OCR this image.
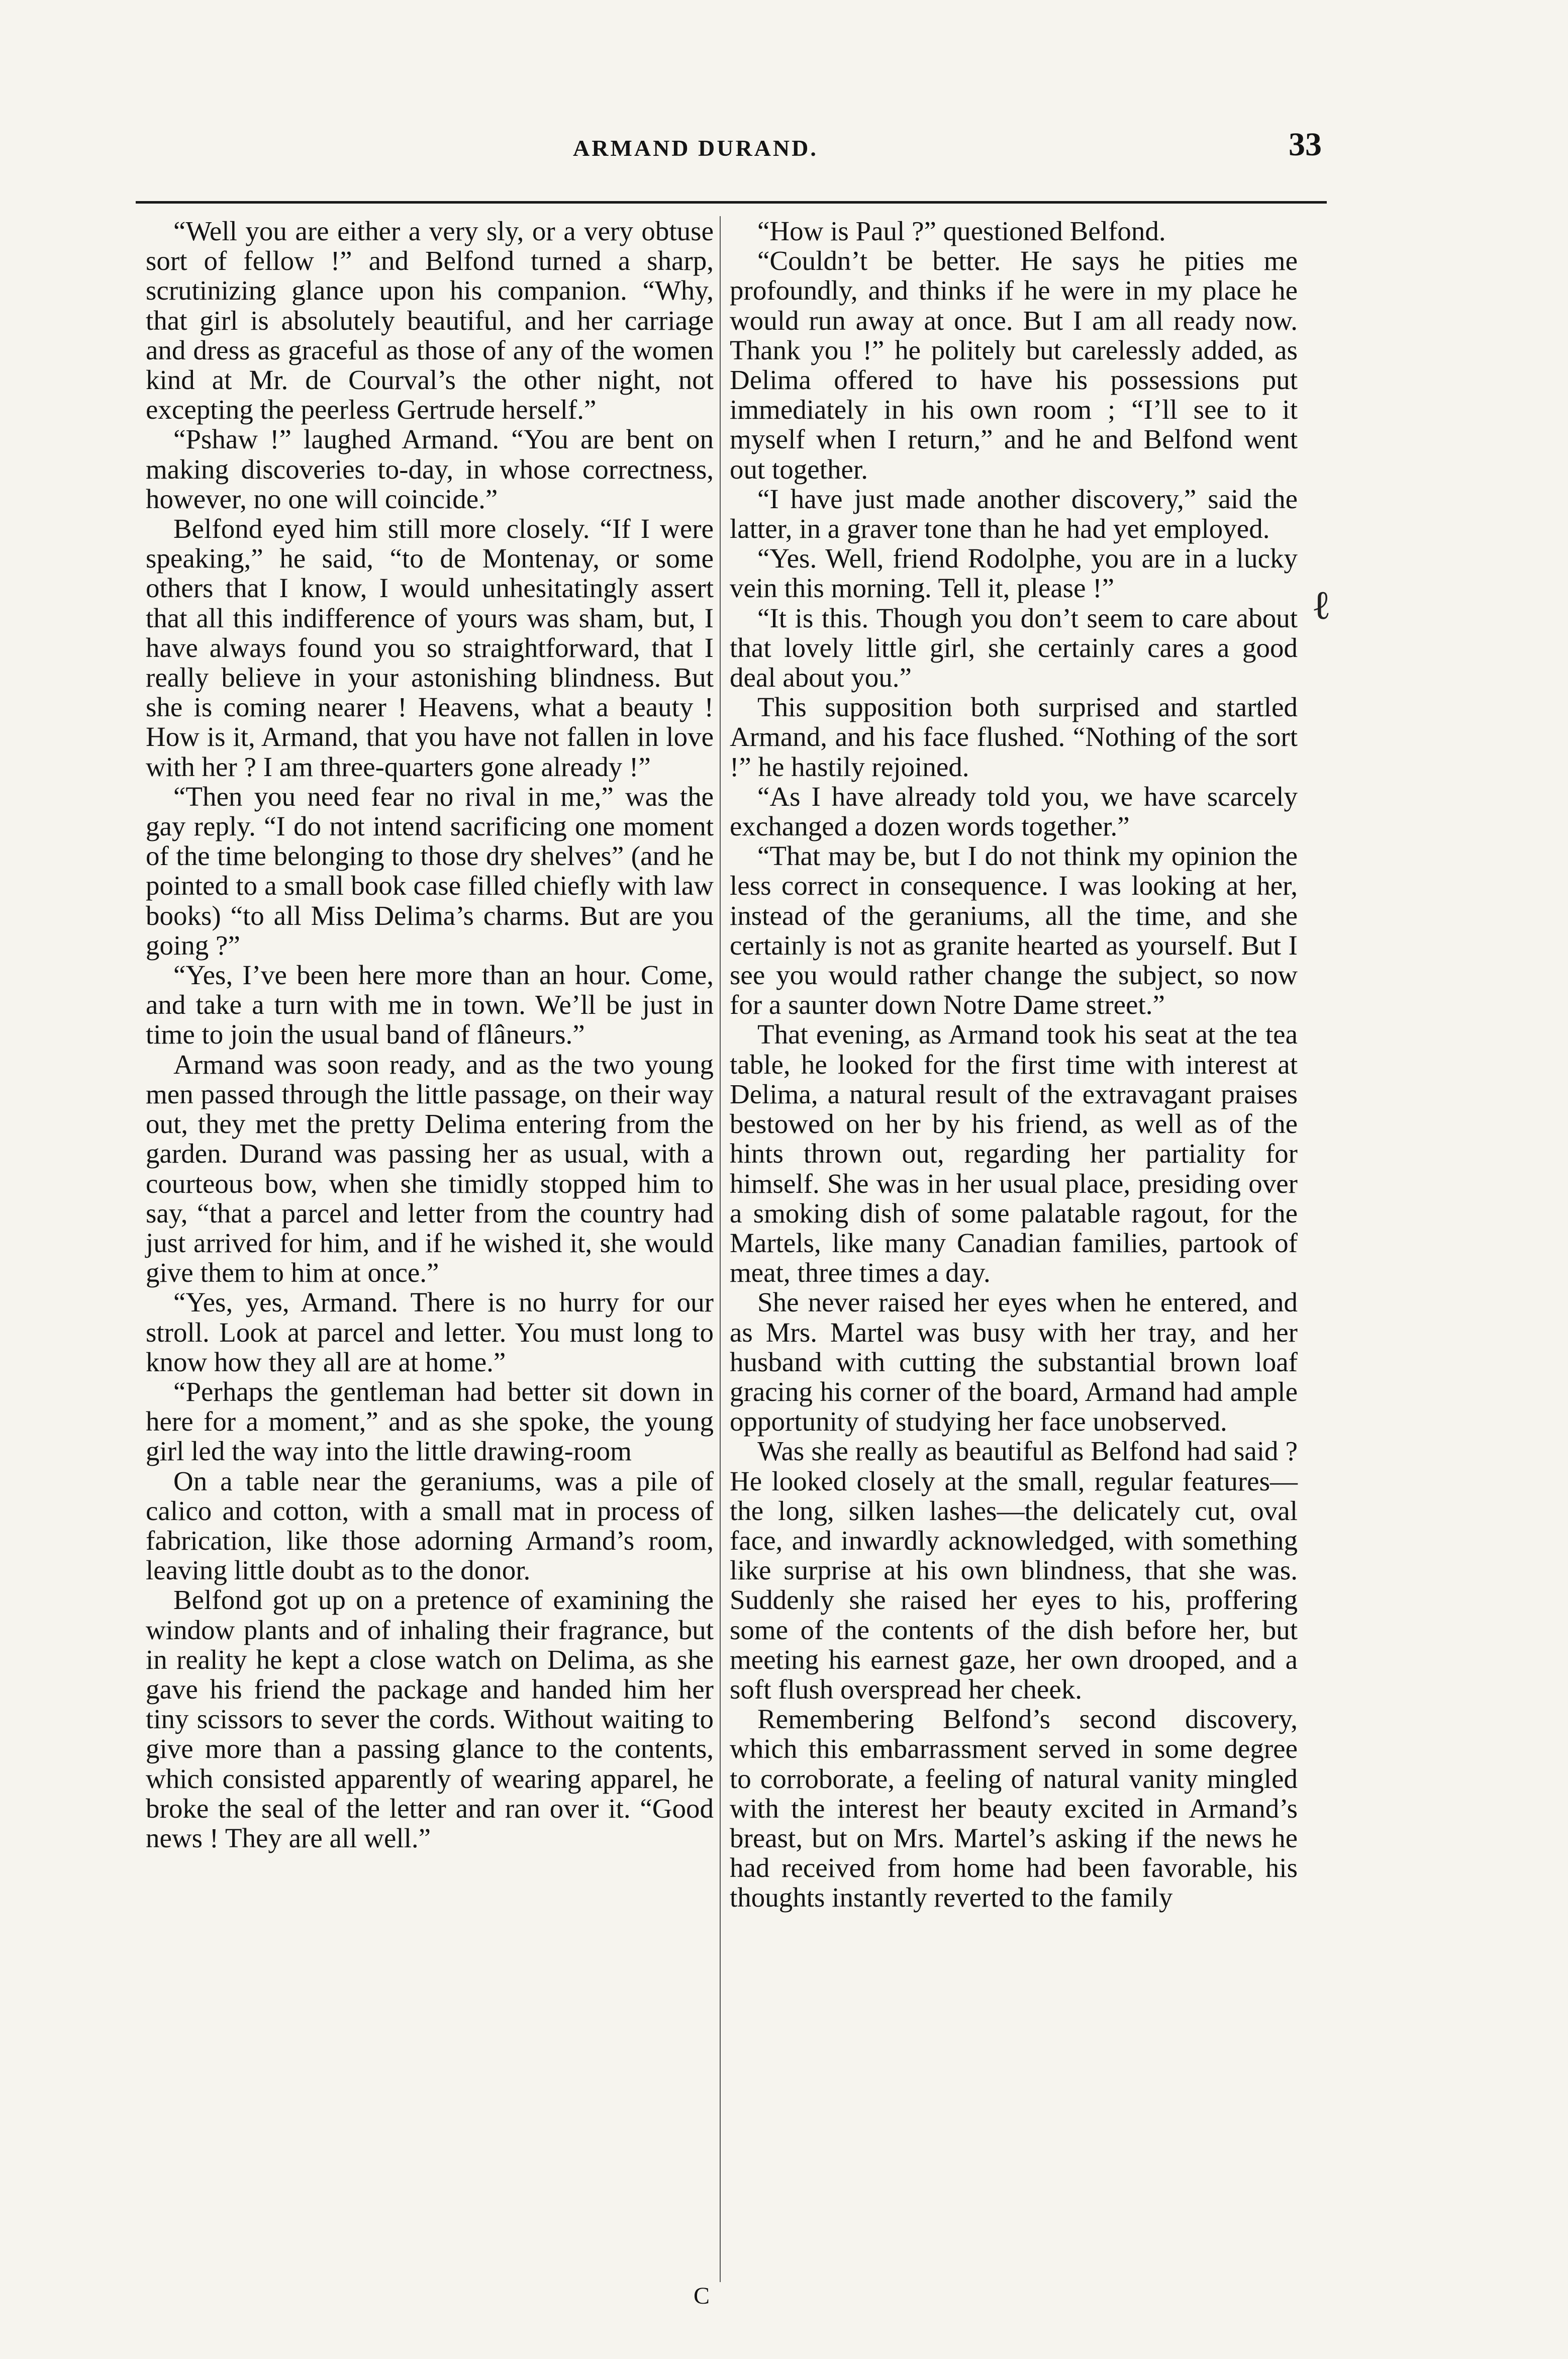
ARMAND DURAND.	33

“Well you are either a very sly, or a very obtuse sort of fellow !” and Belfond turned a sharp, scrutinizing glance upon his companion. “Why, that girl is absolutely beautiful, and her carriage and dress as graceful as those of any of the women kind at Mr. de Courval’s the other night, not excepting the peerless Gertrude herself.”

“Pshaw !” laughed Armand. “You are bent on making discoveries to-day, in whose correctness, however, no one will coincide.”

Belfond eyed him still more closely. “If I were speaking,” he said, “to de Montenay, or some others that I know, I would unhesitatingly assert that all this indifference of yours was sham, but, I have always found you so straightforward, that I really believe in your astonishing blindness. But she is coming nearer ! Heavens, what a beauty ! How is it, Armand, that you have not fallen in love with her ? I am three-quarters gone already !”

“Then you need fear no rival in me,” was the gay reply. “I do not intend sacrificing one moment of the time belonging to those dry shelves” (and he pointed to a small book case filled chiefly with law books) “to all Miss Delima’s charms. But are you going ?”

“Yes, I’ve been here more than an hour. Come, and take a turn with me in town. We’ll be just in time to join the usual band of flâneurs.”

Armand was soon ready, and as the two young men passed through the little passage, on their way out, they met the pretty Delima entering from the garden. Durand was passing her as usual, with a courteous bow, when she timidly stopped him to say, “that a parcel and letter from the country had just arrived for him, and if he wished it, she would give them to him at once.”

“Yes, yes, Armand. There is no hurry for our stroll. Look at parcel and letter. You must long to know how they all are at home.”

“Perhaps the gentleman had better sit down in here for a moment,” and as she spoke, the young girl led the way into the little drawing-room

On a table near the geraniums, was a pile of calico and cotton, with a small mat in process of fabrication, like those adorning Armand’s room, leaving little doubt as to the donor.

Belfond got up on a pretence of examining the window plants and of inhaling their fragrance, but in reality he kept a close watch on Delima, as she gave his friend the package and handed him her tiny scissors to sever the cords. Without waiting to give more than a passing glance to the contents, which consisted apparently of wearing apparel, he broke the seal of the letter and ran over it. “Good news ! They are all well.”

“How is Paul ?” questioned Belfond.

“Couldn’t be better. He says he pities me profoundly, and thinks if he were in my place he would run away at once. But I am all ready now. Thank you !” he politely but carelessly added, as Delima offered to have his possessions put immediately in his own room ; “I’ll see to it myself when I return,” and he and Belfond went out together.

“I have just made another discovery,” said the latter, in a graver tone than he had yet employed.

“Yes. Well, friend Rodolphe, you are in a lucky vein this morning. Tell it, please !”

“It is this. Though you don’t seem to care about that lovely little girl, she certainly cares a good deal about you.”

This supposition both surprised and startled Armand, and his face flushed. “Nothing of the sort !” he hastily rejoined.

“As I have already told you, we have scarcely exchanged a dozen words together.”

“That may be, but I do not think my opinion the less correct in consequence. I was looking at her, instead of the geraniums, all the time, and she certainly is not as granite hearted as yourself. But I see you would rather change the subject, so now for a saunter down Notre Dame street.”

That evening, as Armand took his seat at the tea table, he looked for the first time with interest at Delima, a natural result of the extravagant praises bestowed on her by his friend, as well as of the hints thrown out, regarding her partiality for himself. She was in her usual place, presiding over a smoking dish of some palatable ragout, for the Martels, like many Canadian families, partook of meat, three times a day.

She never raised her eyes when he entered, and as Mrs. Martel was busy with her tray, and her husband with cutting the substantial brown loaf gracing his corner of the board, Armand had ample opportunity of studying her face unobserved.

Was she really as beautiful as Belfond had said ? He looked closely at the small, regular features—the long, silken lashes—the delicately cut, oval face, and inwardly acknowledged, with something like surprise at his own blindness, that she was. Suddenly she raised her eyes to his, proffering some of the contents of the dish before her, but meeting his earnest gaze, her own drooped, and a soft flush overspread her cheek.

Remembering Belfond’s second discovery, which this embarrassment served in some degree to corroborate, a feeling of natural vanity mingled with the interest her beauty excited in Armand’s breast, but on Mrs. Martel’s asking if the news he had received from home had been favorable, his thoughts instantly reverted to the family

ℓ
C
